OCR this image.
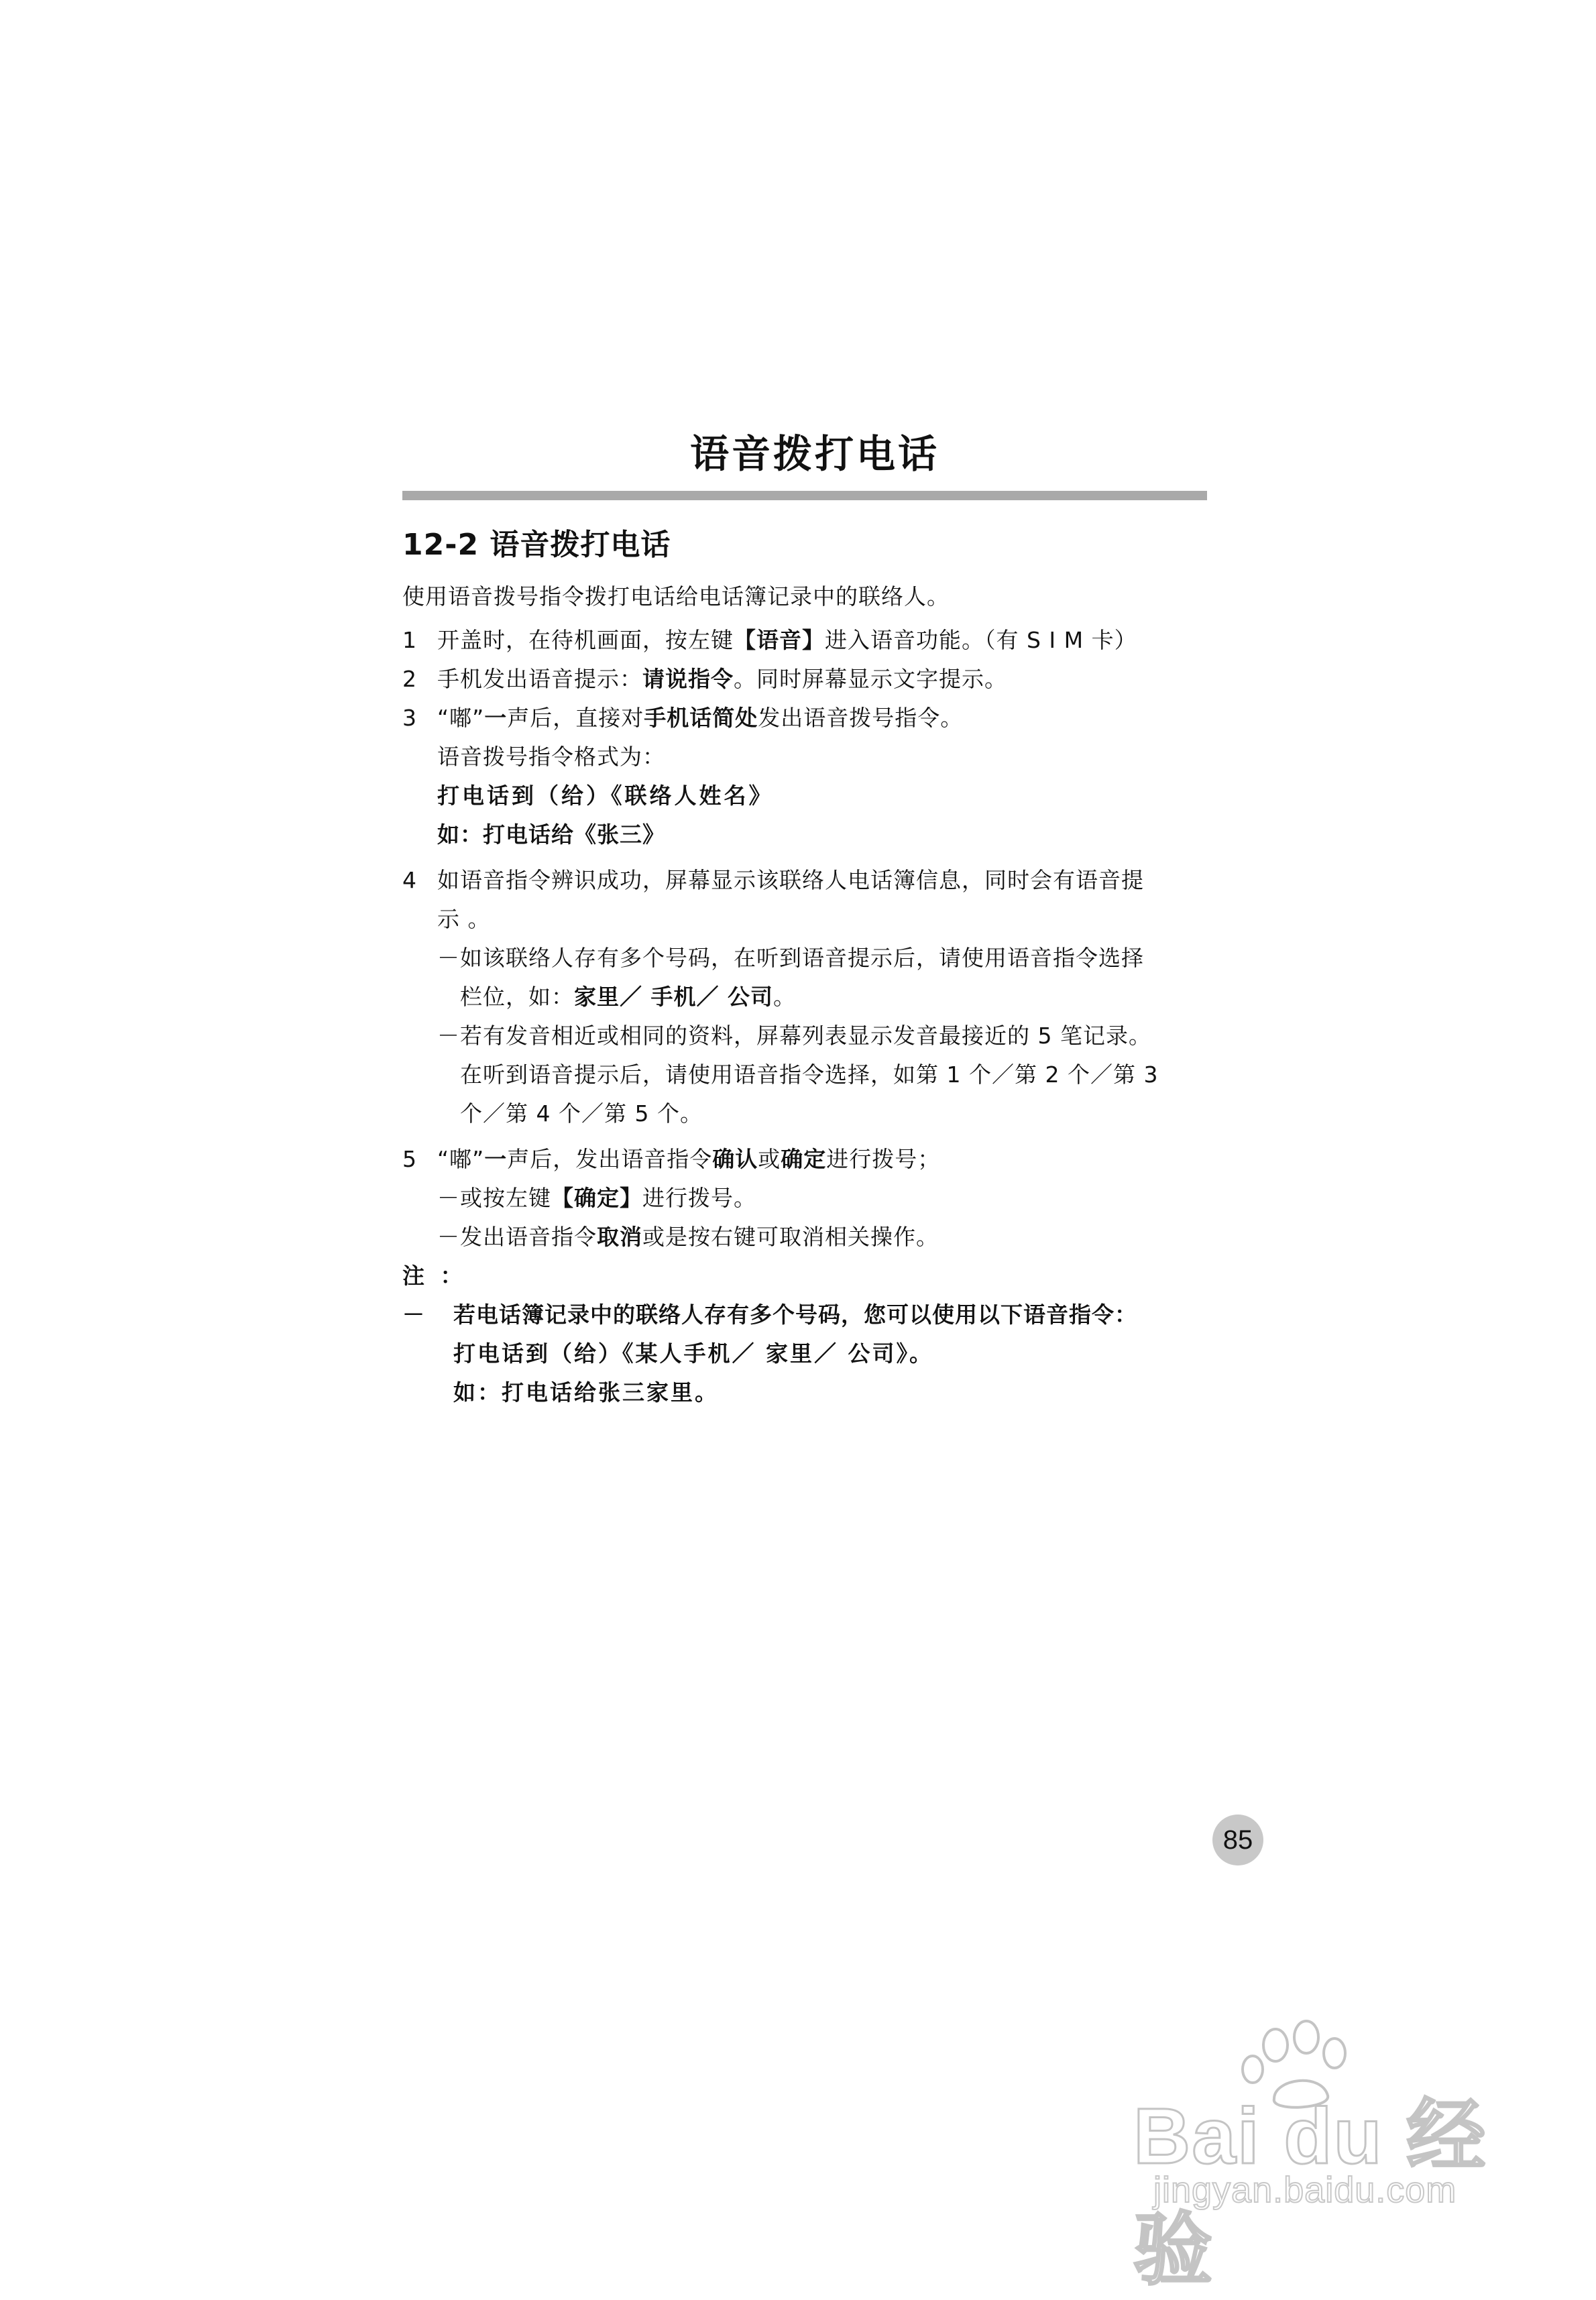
语音拨打电话
12-2 语音拨打电话
使用语音拨号指令拨打电话给电话簿记录中的联络人。
1 开盖时，在待机画面，按左键【语音】进入语音功能。（有 S I M 卡）
2 手机发出语音提示：请说指令。同时屏幕显示文字提示。
3 “嘟”一声后，直接对手机话简处发出语音拨号指令。
语音拨号指令格式为：
打电话到（给）《联络人姓名》
如：打电话给《张三》
4 如语音指令辨识成功，屏幕显示该联络人电话簿信息，同时会有语音提
示 。
－ 如该联络人存有多个号码，在听到语音提示后，请使用语音指令选择
栏位，如：家里／ 手机／ 公司。
－ 若有发音相近或相同的资料，屏幕列表显示发音最接近的 5 笔记录。
在听到语音提示后，请使用语音指令选择，如第 1 个／第 2 个／第 3
个／第 4 个／第 5 个。
5 “嘟”一声后，发出语音指令确认或确定进行拨号；
－ 或按左键【确定】进行拨号。
－ 发出语音指令取消或是按右键可取消相关操作。
注 ：
－	若电话簿记录中的联络人存有多个号码，您可以使用以下语音指令：
打电话到（给）《某人手机／ 家里／ 公司》。
如：打电话给张三家里。
85
Bai du 经验
jingyan.baidu.com
